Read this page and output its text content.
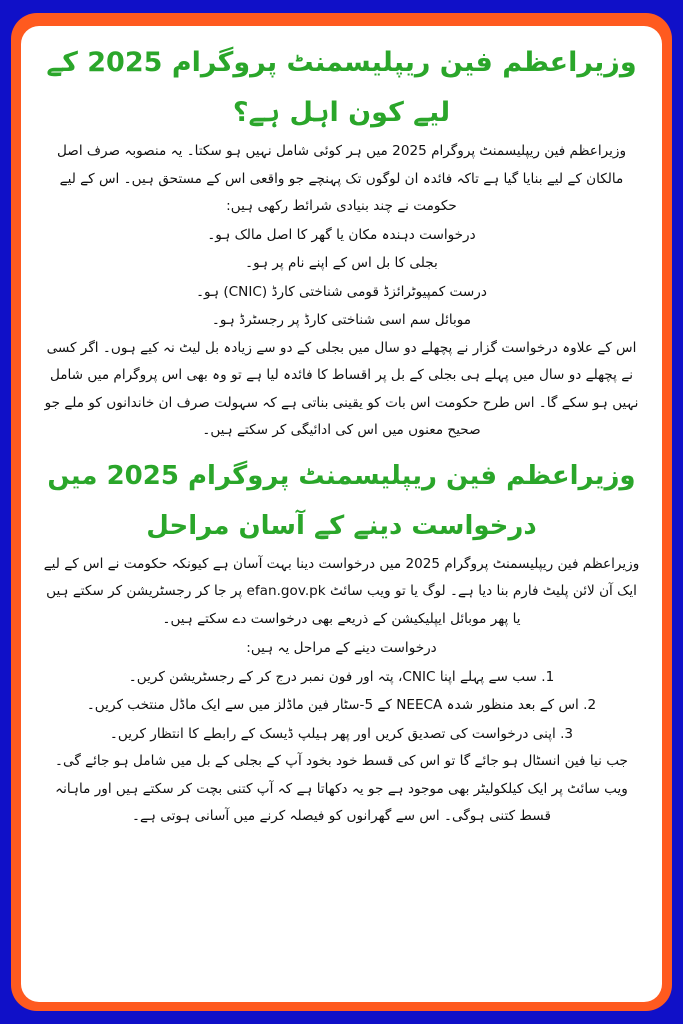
وزیراعظم فین ریپلیسمنٹ پروگرام 2025 کے لیے کون اہل ہے؟

وزیراعظم فین ریپلیسمنٹ پروگرام 2025 میں ہر کوئی شامل نہیں ہو سکتا۔ یہ منصوبہ صرف اصل مالکان کے لیے بنایا گیا ہے تاکہ فائدہ ان لوگوں تک پہنچے جو واقعی اس کے مستحق ہیں۔ اس کے لیے حکومت نے چند بنیادی شرائط رکھی ہیں:

درخواست دہندہ مکان یا گھر کا اصل مالک ہو۔

بجلی کا بل اس کے اپنے نام پر ہو۔

درست کمپیوٹرائزڈ قومی شناختی کارڈ (CNIC) ہو۔

موبائل سم اسی شناختی کارڈ پر رجسٹرڈ ہو۔

اس کے علاوہ درخواست گزار نے پچھلے دو سال میں بجلی کے دو سے زیادہ بل لیٹ نہ کیے ہوں۔ اگر کسی نے پچھلے دو سال میں پہلے ہی بجلی کے بل پر اقساط کا فائدہ لیا ہے تو وہ بھی اس پروگرام میں شامل نہیں ہو سکے گا۔ اس طرح حکومت اس بات کو یقینی بناتی ہے کہ سہولت صرف ان خاندانوں کو ملے جو صحیح معنوں میں اس کی ادائیگی کر سکتے ہیں۔

وزیراعظم فین ریپلیسمنٹ پروگرام 2025 میں درخواست دینے کے آسان مراحل

وزیراعظم فین ریپلیسمنٹ پروگرام 2025 میں درخواست دینا بہت آسان ہے کیونکہ حکومت نے اس کے لیے ایک آن لائن پلیٹ فارم بنا دیا ہے۔ لوگ یا تو ویب سائٹ efan.gov.pk پر جا کر رجسٹریشن کر سکتے ہیں یا پھر موبائل ایپلیکیشن کے ذریعے بھی درخواست دے سکتے ہیں۔

درخواست دینے کے مراحل یہ ہیں:

1. سب سے پہلے اپنا CNIC، پتہ اور فون نمبر درج کر کے رجسٹریشن کریں۔

2. اس کے بعد منظور شدہ NEECA کے 5-سٹار فین ماڈلز میں سے ایک ماڈل منتخب کریں۔

3. اپنی درخواست کی تصدیق کریں اور پھر ہیلپ ڈیسک کے رابطے کا انتظار کریں۔

جب نیا فین انسٹال ہو جائے گا تو اس کی قسط خود بخود آپ کے بجلی کے بل میں شامل ہو جائے گی۔ ویب سائٹ پر ایک کیلکولیٹر بھی موجود ہے جو یہ دکھاتا ہے کہ آپ کتنی بچت کر سکتے ہیں اور ماہانہ قسط کتنی ہوگی۔ اس سے گھرانوں کو فیصلہ کرنے میں آسانی ہوتی ہے۔
